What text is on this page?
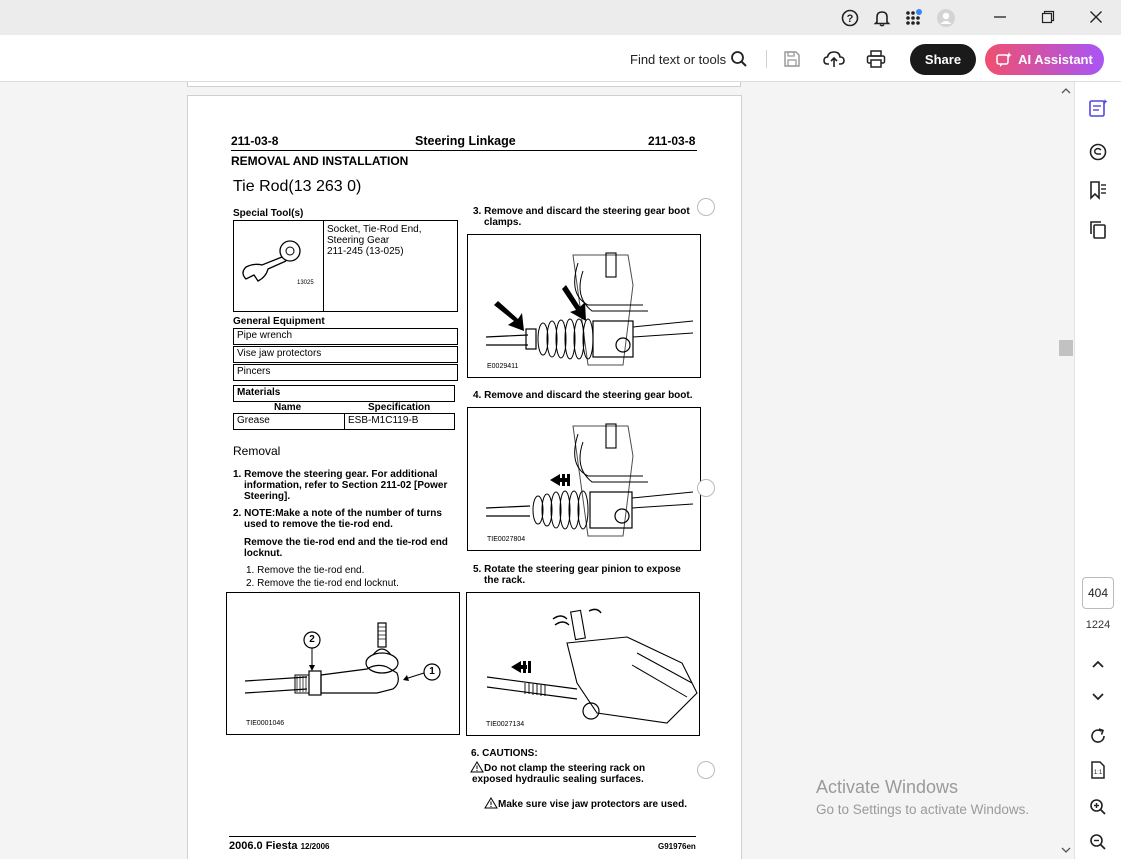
?
Find text or tools	Share	AI Assistant
211-03-8	Steering Linkage	211-03-8
REMOVAL AND INSTALLATION
Tie Rod(13 263 0)
Special Tool(s)
13025
Socket, Tie-Rod End,
Steering Gear
211-245 (13-025)
General Equipment
Pipe wrench
Vise jaw protectors
Pincers
Materials
Name	Specification
Grease	ESB-M1C119-B
Removal
1. Remove the steering gear. For additional
information, refer to Section 211-02 [Power
Steering].
2. NOTE:Make a note of the number of turns
used to remove the tie-rod end.
Remove the tie-rod end and the tie-rod end
locknut.
1. Remove the tie-rod end.
2. Remove the tie-rod end locknut.
2
1
TIE0001046
3. Remove and discard the steering gear boot
clamps.
E0029411
4. Remove and discard the steering gear boot.
TIE0027804
5. Rotate the steering gear pinion to expose
the rack.
TIE0027134
6. CAUTIONS:
Do not clamp the steering rack on
exposed hydraulic sealing surfaces.
Make sure vise jaw protectors are used.
2006.0 Fiesta 12/2006	G91976en
404
1224
1:1
Activate Windows
Go to Settings to activate Windows.
